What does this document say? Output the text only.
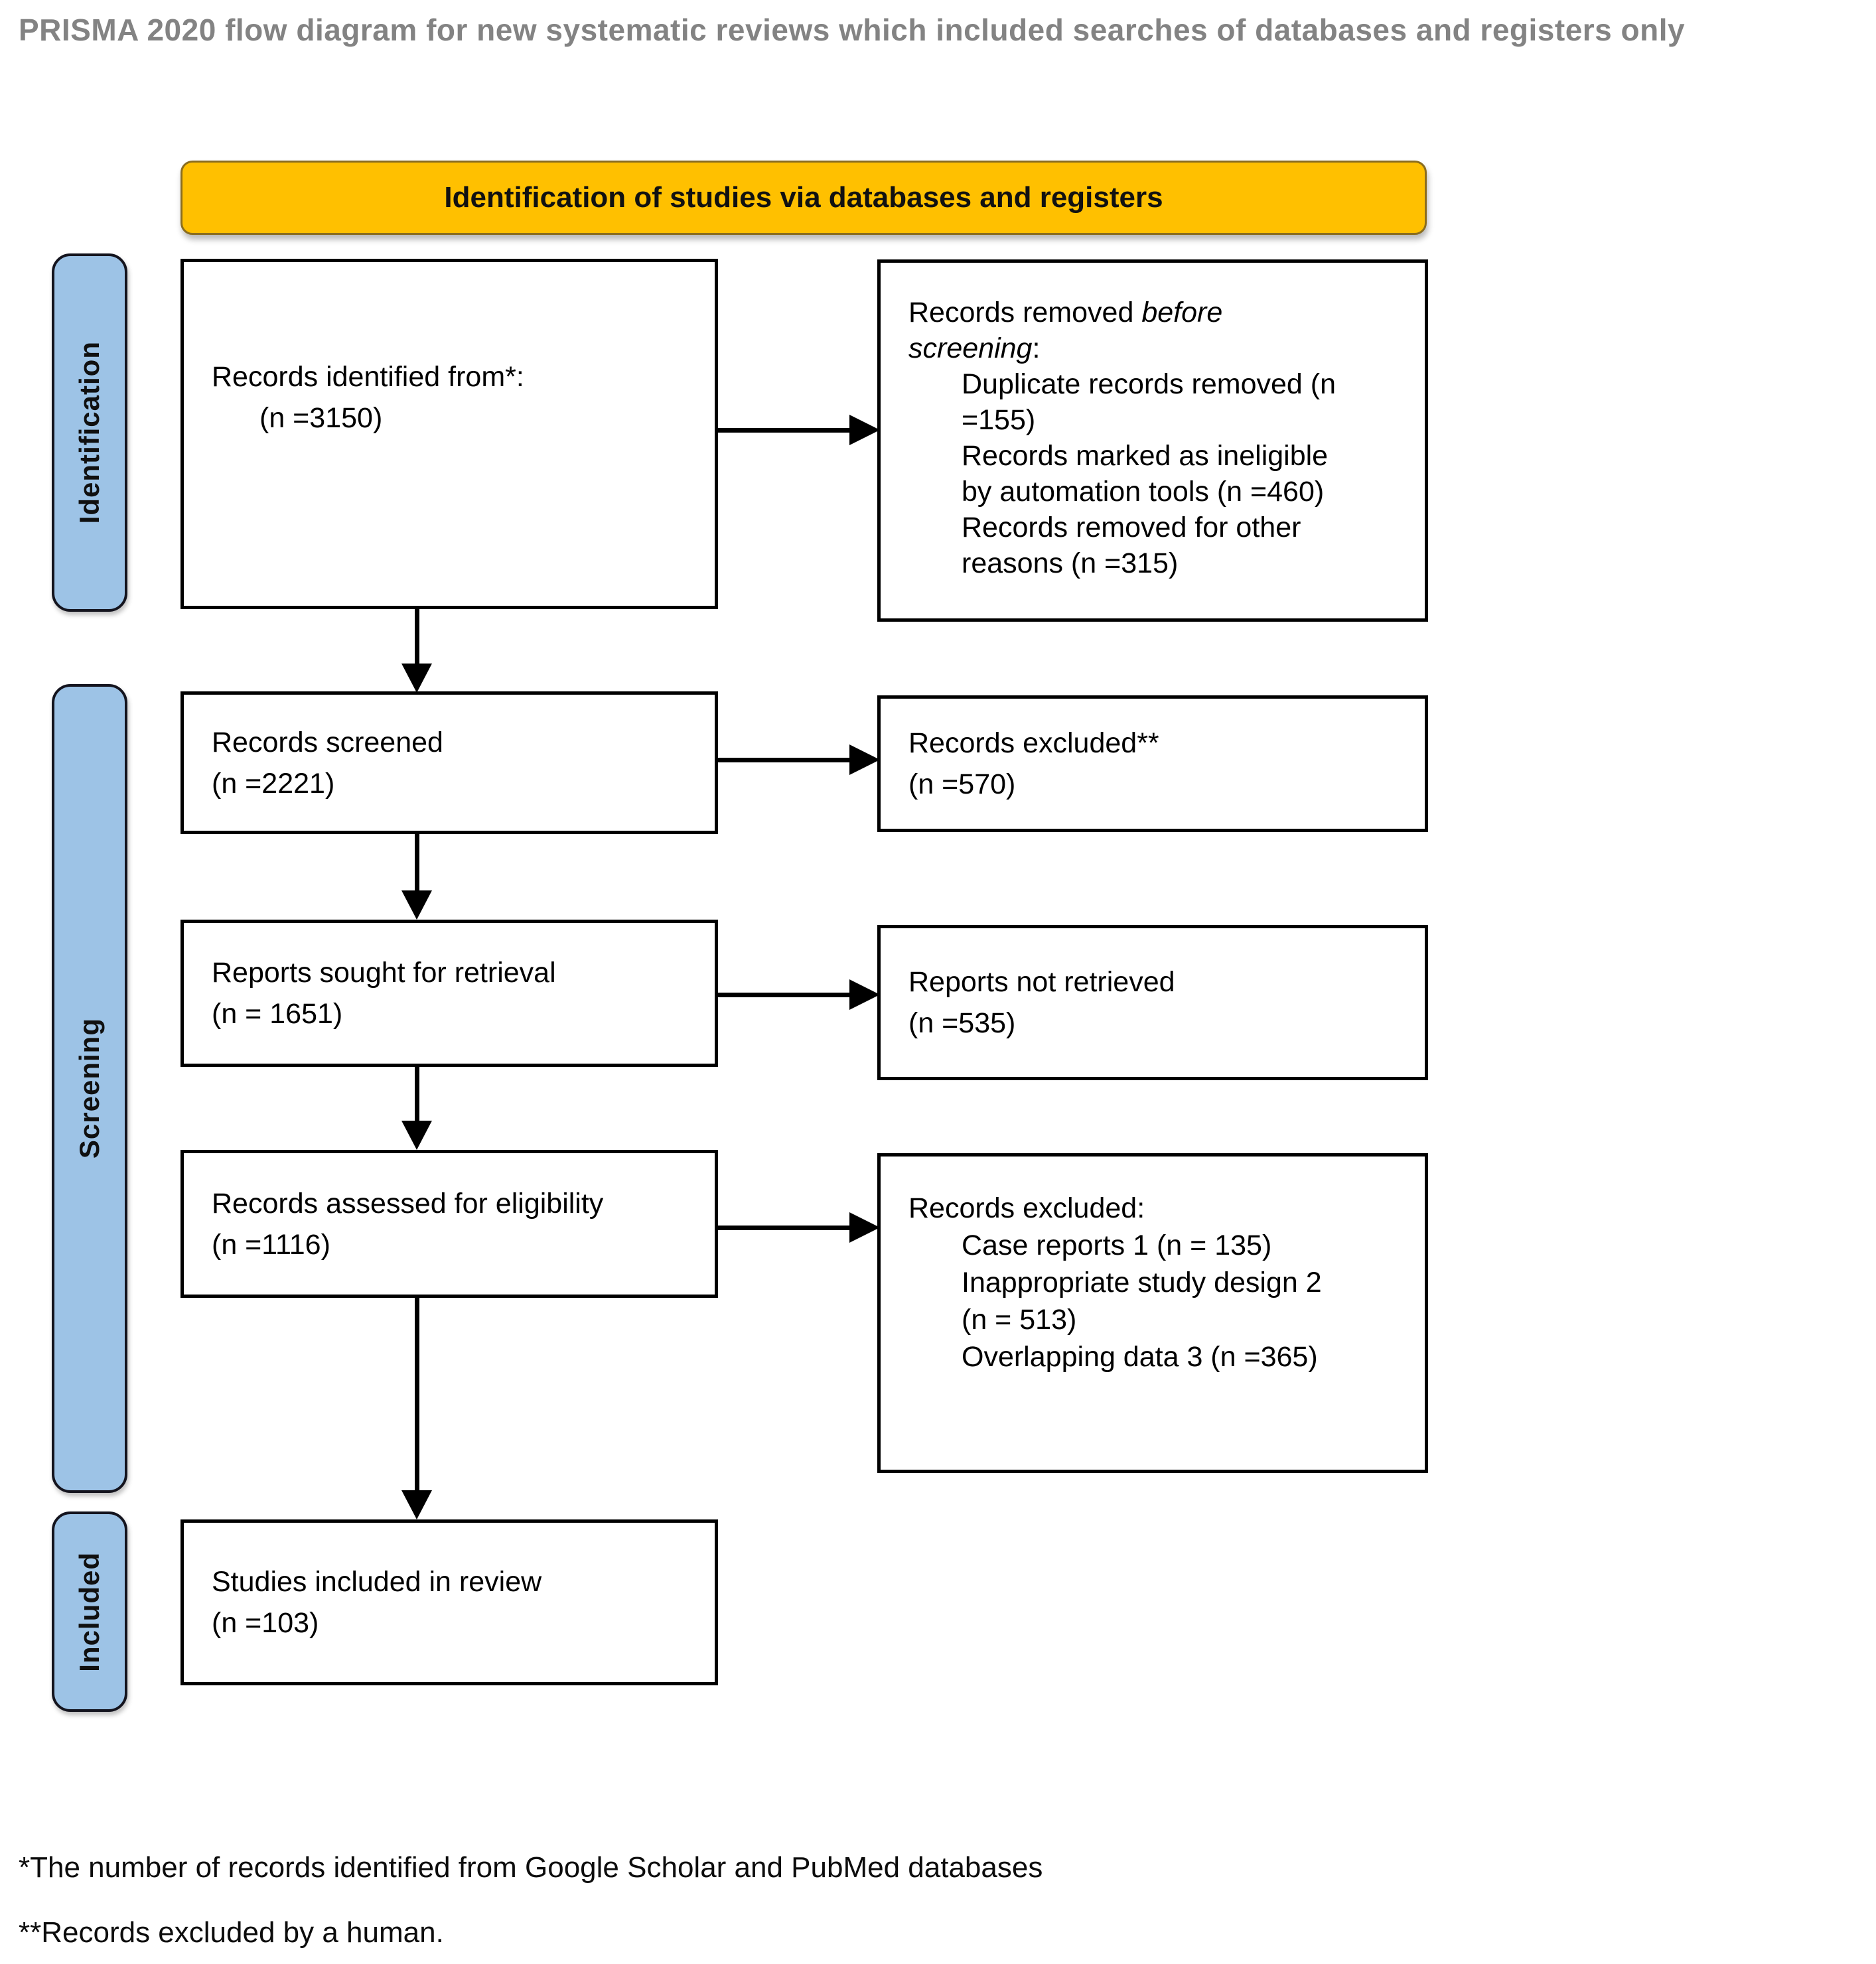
PRISMA 2020 flow diagram for new systematic reviews which included searches of databases and registers only
Identification of studies via databases and registers
Identification
Screening
Included
Records identified from*:
(n =3150)
Records screened
(n =2221)
Reports sought for retrieval
(n = 1651)
Records assessed for eligibility
(n =1116)
Studies included in review
(n =103)
Records removed before
screening:
Duplicate records removed (n
=155)
Records marked as ineligible
by automation tools (n =460)
Records removed for other
reasons (n =315)
Records excluded**
(n =570)
Reports not retrieved
(n =535)
Records excluded:
Case reports 1 (n = 135)
Inappropriate study design 2
(n = 513)
Overlapping data 3 (n =365)
*The number of records identified from Google Scholar and PubMed databases
**Records excluded by a human.
